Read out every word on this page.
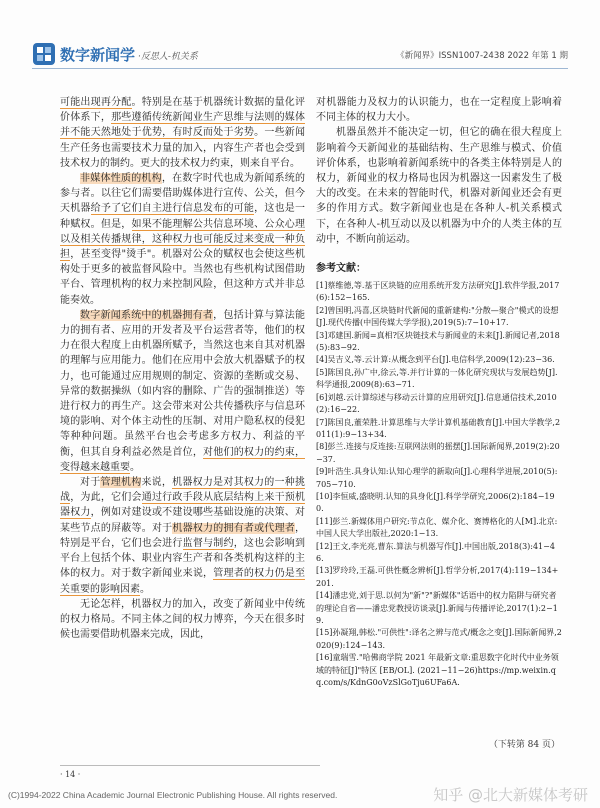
数字新闻学 ·反思人-机关系	《新闻界》ISSN1007-2438 2022 年第 1 期

可能出现再分配。特别是在基于机器统计数据的量化评价体系下，那些遵循传统新闻业生产思维与法则的媒体并不能天然地处于优势，有时反而处于劣势。一些新闻生产任务也需要技术力量的加入，内容生产者也会受到技术权力的制约。更大的技术权力约束，则来自平台。

非媒体性质的机构，在数字时代也成为新闻系统的参与者。以往它们需要借助媒体进行宣传、公关，但今天机器给予了它们自主进行信息发布的可能，这也是一种赋权。但是，如果不能理解公共信息环境、公众心理以及相关传播规律，这种权力也可能反过来变成一种负担，甚至变得"烫手"。机器对公众的赋权也会使这些机构处于更多的被监督风险中。当然也有些机构试图借助平台、管理机构的权力来控制风险，但这种方式并非总能奏效。

数字新闻系统中的机器拥有者，包括计算与算法能力的拥有者、应用的开发者及平台运营者等，他们的权力在很大程度上由机器所赋予，当然这也来自其对机器的理解与应用能力。他们在应用中会放大机器赋予的权力，也可能通过应用规则的制定、资源的垄断或交易、异常的数据操纵（如内容的删除、广告的强制推送）等进行权力的再生产。这会带来对公共传播秩序与信息环境的影响、对个体主动性的压制、对用户隐私权的侵犯等种种问题。虽然平台也会考虑多方权力、利益的平衡，但其自身利益必然是首位，对他们的权力的约束，变得越来越重要。

对于管理机构来说，机器权力是对其权力的一种挑战，为此，它们会通过行政手段从底层结构上来干预机器权力，例如对建设或不建设哪些基础设施的决策、对某些节点的屏蔽等。对于机器权力的拥有者或代理者，特别是平台，它们也会进行监督与制约，这也会影响到平台上包括个体、职业内容生产者和各类机构这样的主体的权力。对于数字新闻业来说，管理者的权力仍是至关重要的影响因素。

无论怎样，机器权力的加入，改变了新闻业中传统的权力格局。不同主体之间的权力博弈，今天在很多时候也需要借助机器来完成，因此，

对机器能力及权力的认识能力，也在一定程度上影响着不同主体的权力大小。

机器虽然并不能决定一切，但它的确在很大程度上影响着今天新闻业的基础结构、生产思维与模式、价值评价体系，也影响着新闻系统中的各类主体特别是人的权力，新闻业的权力格局也因为机器这一因素发生了极大的改变。在未来的智能时代，机器对新闻业还会有更多的作用方式。数字新闻业也是在各种人-机关系模式下，在各种人-机互动以及以机器为中介的人类主体的互动中，不断向前运动。

参考文献：
[1]蔡维德,等.基于区块链的应用系统开发方法研究[J].软件学报,2017(6):152−165.
[2]曾国明,冯喜,区块链时代新闻的重新建构:"分散—聚合"模式的设想[J].现代传播(中国传媒大学学报),2019(5):7−10+17.
[3]邓建国.新闻=真相?区块链技术与新闻业的未来[J].新闻记者,2018(5):83−92.
[4]吴吉义,等.云计算:从概念到平台[J].电信科学,2009(12):23−36.
[5]陈国良,孙广中,徐云,等.并行计算的一体化研究现状与发展趋势[J].科学通报,2009(8):63−71.
[6]刘越.云计算综述与移动云计算的应用研究[J].信息通信技术,2010(2):16−22.
[7]陈国良,董荣胜.计算思维与大学计算机基础教育[J].中国大学教学,2011(1):9−13+34.
[8]彭兰.连接与反连接:互联网法则的摇摆[J].国际新闻界,2019(2):20−37.
[9]叶浩生.具身认知:认知心理学的新取向[J].心理科学进展,2010(5):705−710.
[10]李恒威,盛晓明.认知的具身化[J].科学学研究,2006(2):184−190.
[11]彭兰.新媒体用户研究:节点化、媒介化、赛博格化的人[M].北京:中国人民大学出版社,2020:1−13.
[12]王文,李光亮,曹东.算法与机器写作[J].中国出版,2018(3):41−46.
[13]罗玲玲,王磊.可供性概念辨析[J].哲学分析,2017(4):119−134+201.
[14]潘忠党,刘于思.以何为"新"?"新媒体"话语中的权力陷阱与研究者的理论自省——潘忠党教授访谈录[J].新闻与传播评论,2017(1):2−19.
[15]孙凝翔,韩松."可供性":译名之辨与范式/概念之变[J].国际新闻界,2020(9):124−143.
[16]童瑞雪."哈佛商学院 2021 年最新文章:重思数字化时代中业务领域的特征[J]"特区 [EB/OL]. (2021−11−26)https://mp.weixin.qq.com/s/KdnG0oVzSlGoTju6UFa6A.
（下转第 84 页）
· 14 ·
(C)1994-2022 China Academic Journal Electronic Publishing House. All rights reserved.	知乎 @北大新媒体考研
